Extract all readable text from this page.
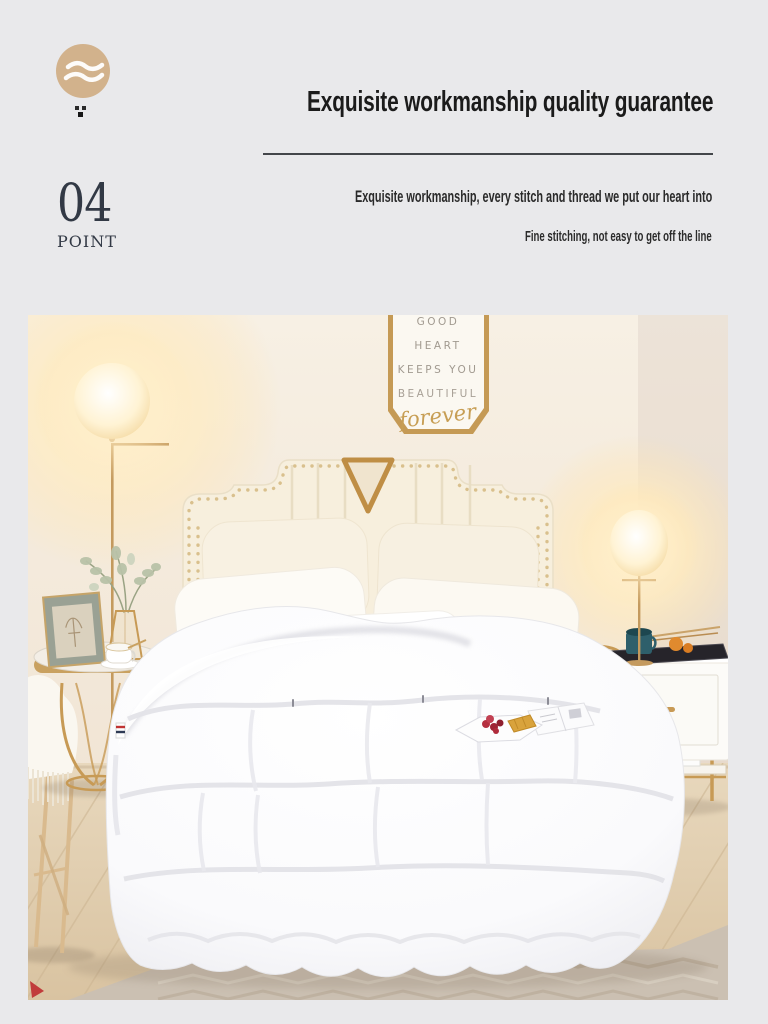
Exquisite workmanship quality guarantee
Exquisite workmanship, every stitch and thread we put our heart into
Fine stitching, not easy to get off the line
04
POINT
GOOD
HEART
KEEPS YOU
BEAUTIFUL
forever
